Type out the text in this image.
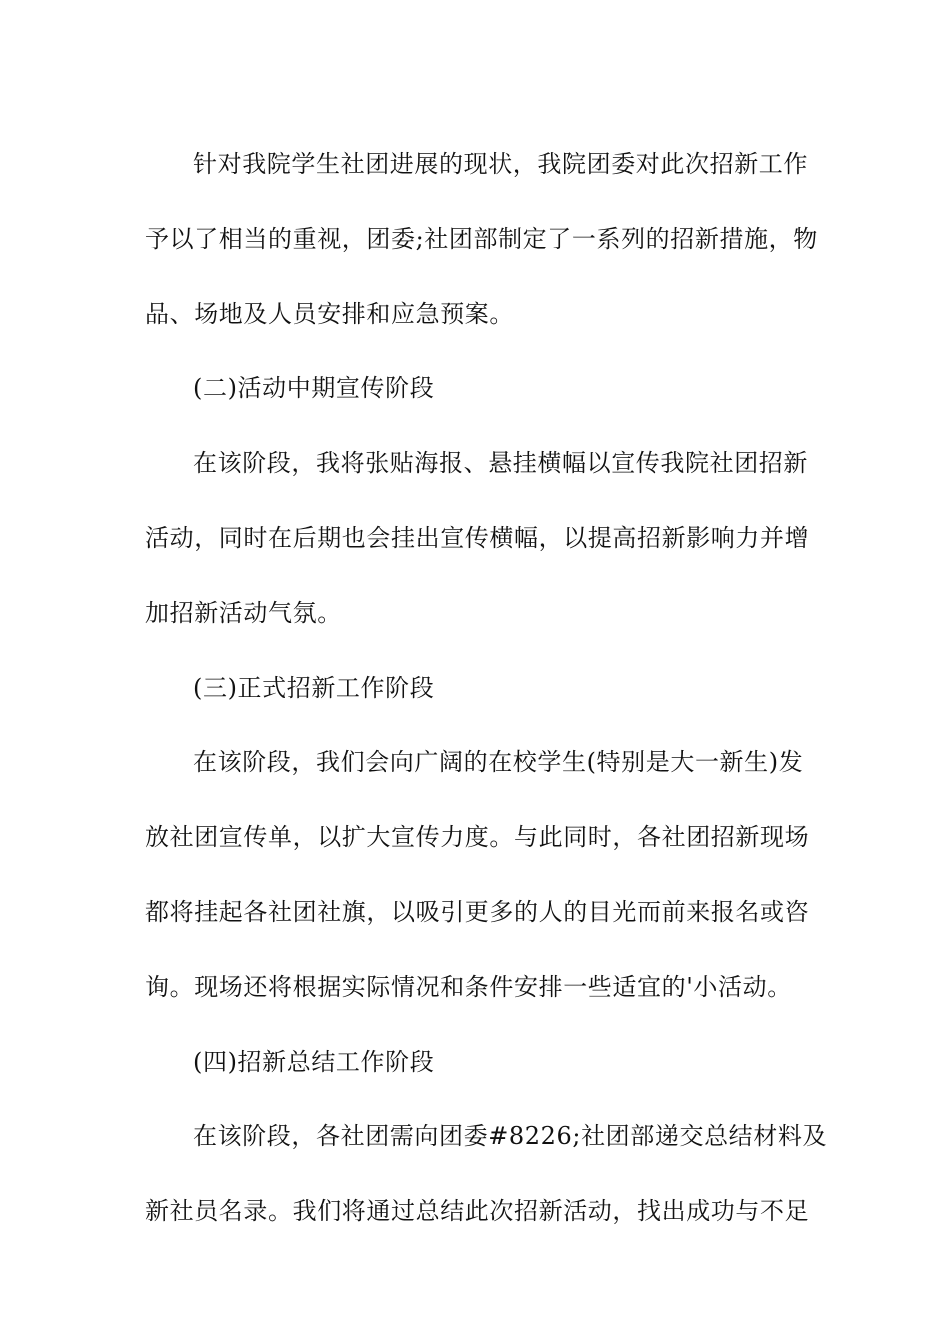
针对我院学生社团进展的现状，我院团委对此次招新工作
予以了相当的重视，团委;社团部制定了一系列的招新措施，物
品、场地及人员安排和应急预案。
(二)活动中期宣传阶段
在该阶段，我将张贴海报、悬挂横幅以宣传我院社团招新
活动，同时在后期也会挂出宣传横幅，以提高招新影响力并增
加招新活动气氛。
(三)正式招新工作阶段
在该阶段，我们会向广阔的在校学生(特别是大一新生)发
放社团宣传单，以扩大宣传力度。与此同时，各社团招新现场
都将挂起各社团社旗，以吸引更多的人的目光而前来报名或咨
询。现场还将根据实际情况和条件安排一些适宜的'小活动。
(四)招新总结工作阶段
在该阶段，各社团需向团委#8226;社团部递交总结材料及
新社员名录。我们将通过总结此次招新活动，找出成功与不足
